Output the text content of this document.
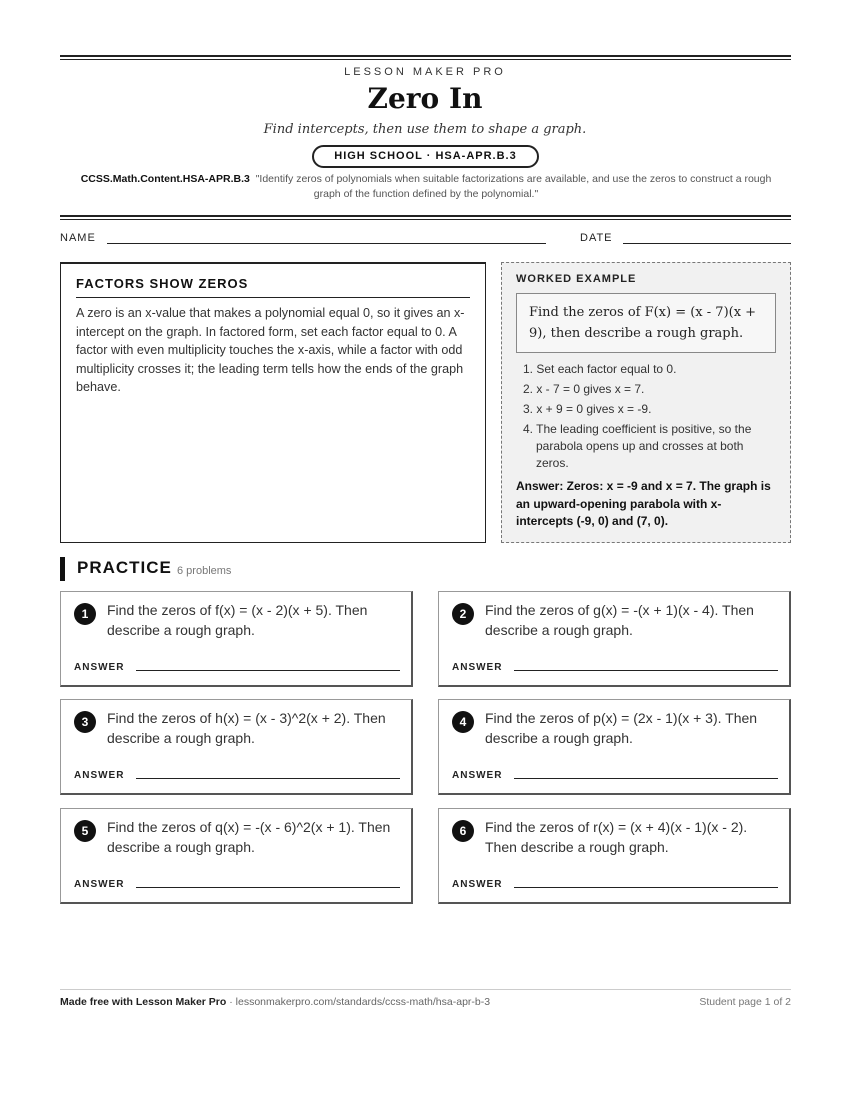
LESSON MAKER PRO
Zero In
Find intercepts, then use them to shape a graph.
HIGH SCHOOL · HSA-APR.B.3
CCSS.Math.Content.HSA-APR.B.3 "Identify zeros of polynomials when suitable factorizations are available, and use the zeros to construct a rough graph of the function defined by the polynomial."
NAME	DATE
FACTORS SHOW ZEROS

A zero is an x-value that makes a polynomial equal 0, so it gives an x-intercept on the graph. In factored form, set each factor equal to 0. A factor with even multiplicity touches the x-axis, while a factor with odd multiplicity crosses it; the leading term tells how the ends of the graph behave.

WORKED EXAMPLE
Find the zeros of F(x) = (x - 7)(x + 9), then describe a rough graph.
1. Set each factor equal to 0.
2. x - 7 = 0 gives x = 7.
3. x + 9 = 0 gives x = -9.
4. The leading coefficient is positive, so the parabola opens up and crosses at both zeros.
Answer: Zeros: x = -9 and x = 7. The graph is an upward-opening parabola with x-intercepts (-9, 0) and (7, 0).
PRACTICE 6 problems
1	Find the zeros of f(x) = (x - 2)(x + 5). Then describe a rough graph.
ANSWER
2	Find the zeros of g(x) = -(x + 1)(x - 4). Then describe a rough graph.
ANSWER
3	Find the zeros of h(x) = (x - 3)^2(x + 2). Then describe a rough graph.
ANSWER
4	Find the zeros of p(x) = (2x - 1)(x + 3). Then describe a rough graph.
ANSWER
5	Find the zeros of q(x) = -(x - 6)^2(x + 1). Then describe a rough graph.
ANSWER
6	Find the zeros of r(x) = (x + 4)(x - 1)(x - 2). Then describe a rough graph.
ANSWER
Made free with Lesson Maker Pro · lessonmakerpro.com/standards/ccss-math/hsa-apr-b-3	Student page 1 of 2
